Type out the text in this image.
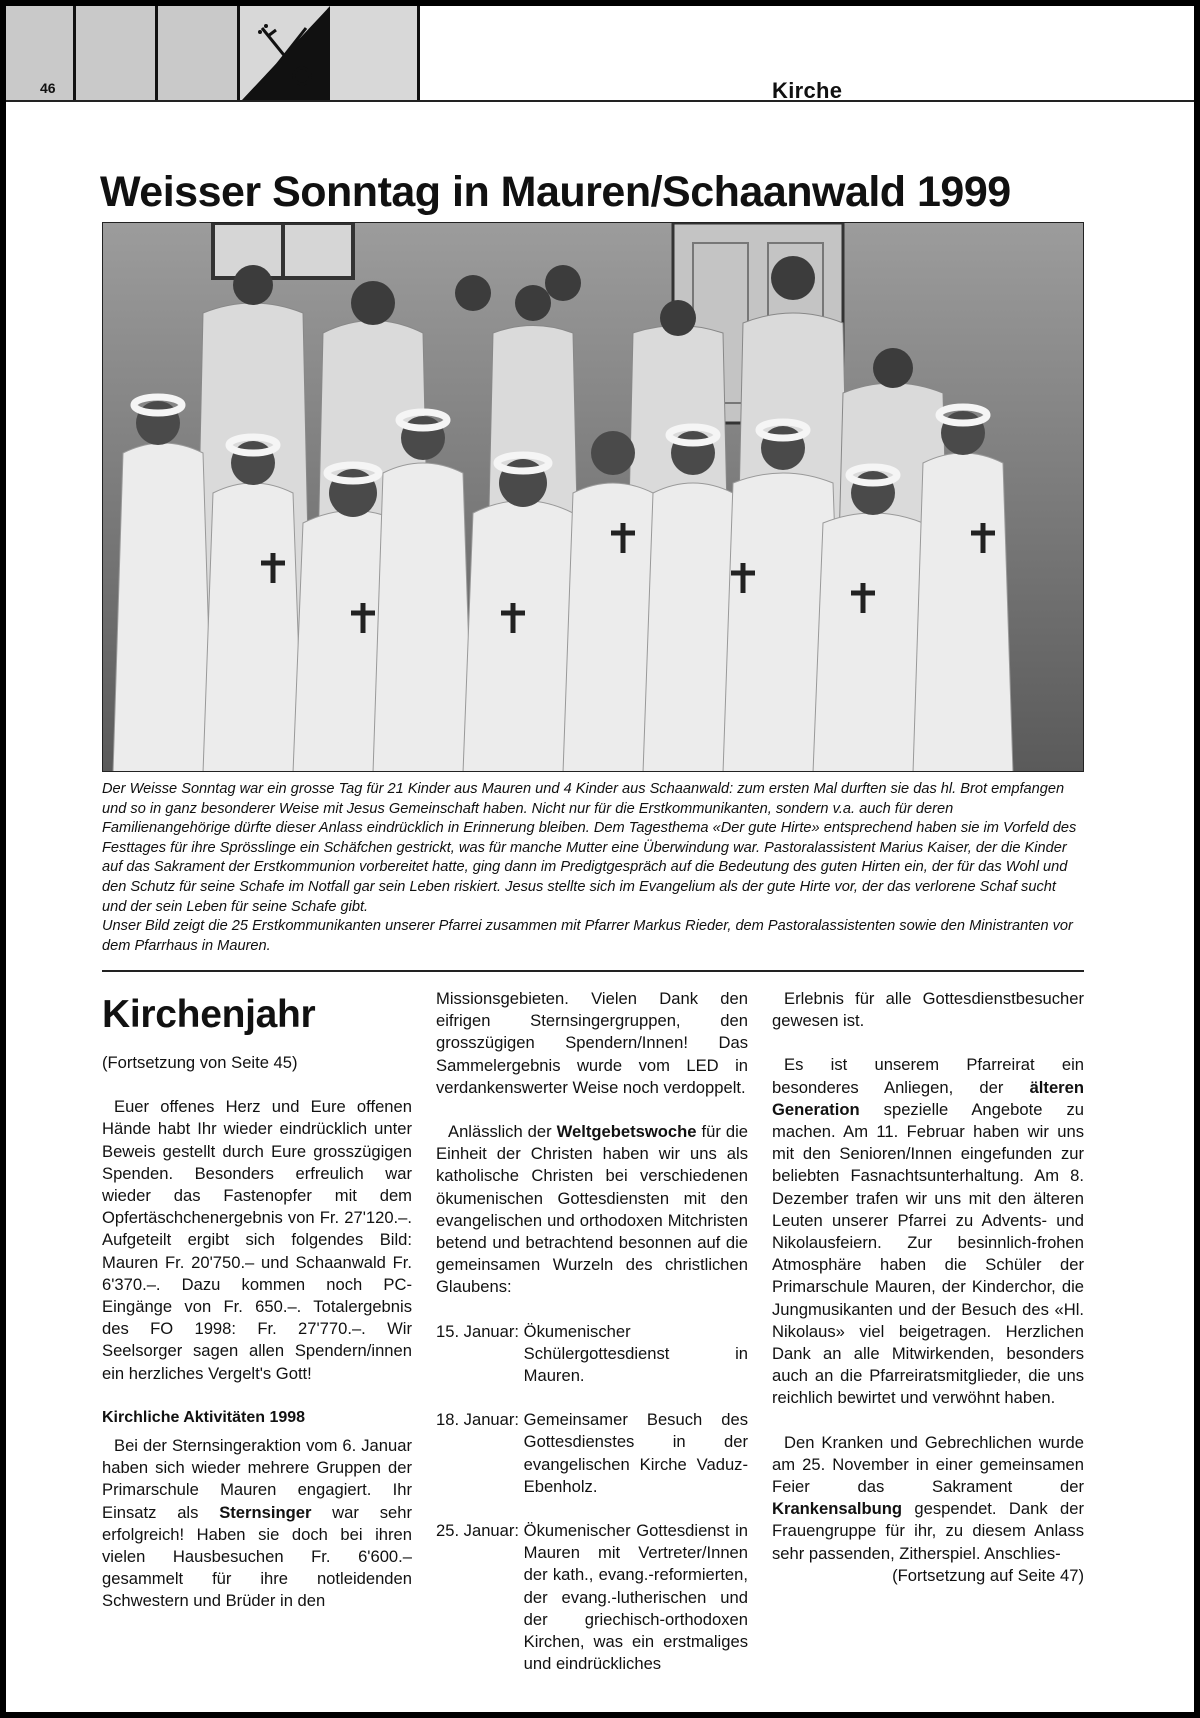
46	Kirche
Weisser Sonntag in Mauren/Schaanwald 1999

Der Weisse Sonntag war ein grosse Tag für 21 Kinder aus Mauren und 4 Kinder aus Schaanwald: zum ersten Mal durften sie das hl. Brot empfangen und so in ganz besonderer Weise mit Jesus Gemeinschaft haben. Nicht nur für die Erstkommunikanten, sondern v.a. auch für deren Familienangehörige dürfte dieser Anlass eindrücklich in Erinnerung bleiben. Dem Tagesthema «Der gute Hirte» entsprechend haben sie im Vorfeld des Festtages für ihre Sprösslinge ein Schäfchen gestrickt, was für manche Mutter eine Überwindung war. Pastoralassistent Marius Kaiser, der die Kinder auf das Sakrament der Erstkommunion vorbereitet hatte, ging dann im Predigtgespräch auf die Bedeutung des guten Hirten ein, der für das Wohl und den Schutz für seine Schafe im Notfall gar sein Leben riskiert. Jesus stellte sich im Evangelium als der gute Hirte vor, der das verlorene Schaf sucht und der sein Leben für seine Schafe gibt.

Unser Bild zeigt die 25 Erstkommunikanten unserer Pfarrei zusammen mit Pfarrer Markus Rieder, dem Pastoralassistenten sowie den Ministranten vor dem Pfarrhaus in Mauren.

Kirchenjahr
(Fortsetzung von Seite 45)

Euer offenes Herz und Eure offenen Hände habt Ihr wieder eindrücklich unter Beweis gestellt durch Eure grosszügigen Spenden. Besonders erfreulich war wieder das Fastenopfer mit dem Opfertäschchenergebnis von Fr. 27'120.–. Aufgeteilt ergibt sich folgendes Bild: Mauren Fr. 20'750.– und Schaanwald Fr. 6'370.–. Dazu kommen noch PC-Eingänge von Fr. 650.–. Totalergebnis des FO 1998: Fr. 27'770.–. Wir Seelsorger sagen allen Spendern/innen ein herzliches Vergelt's Gott!

Kirchliche Aktivitäten 1998

Bei der Sternsingeraktion vom 6. Januar haben sich wieder mehrere Gruppen der Primarschule Mauren engagiert. Ihr Einsatz als Sternsinger war sehr erfolgreich! Haben sie doch bei ihren vielen Hausbesuchen Fr. 6'600.– gesammelt für ihre notleidenden Schwestern und Brüder in den

Missionsgebieten. Vielen Dank den eifrigen Sternsingergruppen, den grosszügigen Spendern/Innen! Das Sammelergebnis wurde vom LED in verdankenswerter Weise noch verdoppelt.

Anlässlich der Weltgebetswoche für die Einheit der Christen haben wir uns als katholische Christen bei verschiedenen ökumenischen Gottesdiensten mit den evangelischen und orthodoxen Mitchristen betend und betrachtend besonnen auf die gemeinsamen Wurzeln des christlichen Glaubens:

15. Januar:
Ökumenischer Schülergottesdienst in Mauren.
18. Januar:
Gemeinsamer Besuch des Gottesdienstes in der evangelischen Kirche Vaduz-Ebenholz.
25. Januar:
Ökumenischer Gottesdienst in Mauren mit Vertreter/Innen der kath., evang.-reformierten, der evang.-lutherischen und der griechisch-orthodoxen Kirchen, was ein erstmaliges und eindrückliches

Erlebnis für alle Gottesdienstbesucher gewesen ist.

Es ist unserem Pfarreirat ein besonderes Anliegen, der älteren Generation spezielle Angebote zu machen. Am 11. Februar haben wir uns mit den Senioren/Innen eingefunden zur beliebten Fasnachtsunterhaltung. Am 8. Dezember trafen wir uns mit den älteren Leuten unserer Pfarrei zu Advents- und Nikolausfeiern. Zur besinnlich-frohen Atmosphäre haben die Schüler der Primarschule Mauren, der Kinderchor, die Jungmusikanten und der Besuch des «Hl. Nikolaus» viel beigetragen. Herzlichen Dank an alle Mitwirkenden, besonders auch an die Pfarreiratsmitglieder, die uns reichlich bewirtet und verwöhnt haben.

Den Kranken und Gebrechlichen wurde am 25. November in einer gemeinsamen Feier das Sakrament der Krankensalbung gespendet. Dank der Frauengruppe für ihr, zu diesem Anlass sehr passenden, Zitherspiel. Anschlies-

(Fortsetzung auf Seite 47)
